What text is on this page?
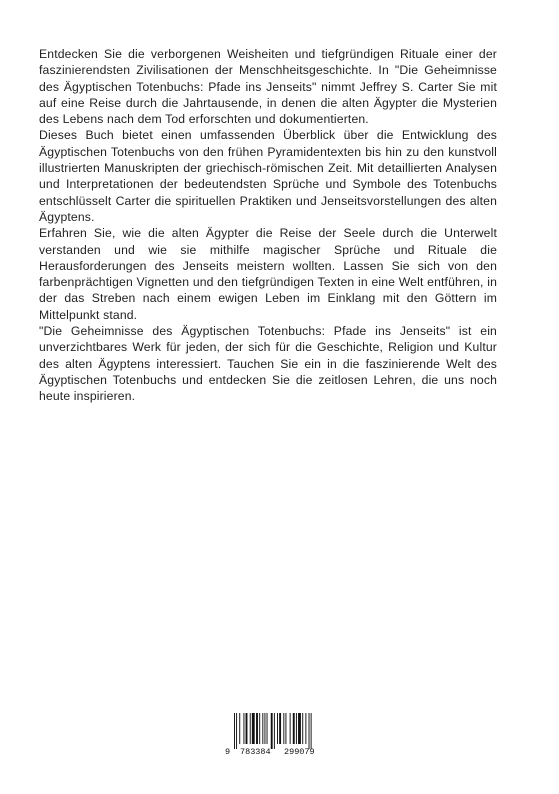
Entdecken Sie die verborgenen Weisheiten und tiefgründigen Rituale einer der faszinierendsten Zivilisationen der Menschheitsgeschichte. In "Die Geheimnisse des Ägyptischen Totenbuchs: Pfade ins Jenseits" nimmt Jeffrey S. Carter Sie mit auf eine Reise durch die Jahrtausende, in denen die alten Ägypter die Mysterien des Lebens nach dem Tod erforschten und dokumentierten.

Dieses Buch bietet einen umfassenden Überblick über die Entwicklung des Ägyptischen Totenbuchs von den frühen Pyramidentexten bis hin zu den kunstvoll illustrierten Manuskripten der griechisch-römischen Zeit. Mit detaillierten Analysen und Interpretationen der bedeutendsten Sprüche und Symbole des Totenbuchs entschlüsselt Carter die spirituellen Praktiken und Jenseitsvorstellungen des alten Ägyptens.

Erfahren Sie, wie die alten Ägypter die Reise der Seele durch die Unterwelt verstanden und wie sie mithilfe magischer Sprüche und Rituale die Herausforderungen des Jenseits meistern wollten. Lassen Sie sich von den farbenprächtigen Vignetten und den tiefgründigen Texten in eine Welt entführen, in der das Streben nach einem ewigen Leben im Einklang mit den Göttern im Mittelpunkt stand.

"Die Geheimnisse des Ägyptischen Totenbuchs: Pfade ins Jenseits" ist ein unverzichtbares Werk für jeden, der sich für die Geschichte, Religion und Kultur des alten Ägyptens interessiert. Tauchen Sie ein in die faszinierende Welt des Ägyptischen Totenbuchs und entdecken Sie die zeitlosen Lehren, die uns noch heute inspirieren.

9 783384 299079
